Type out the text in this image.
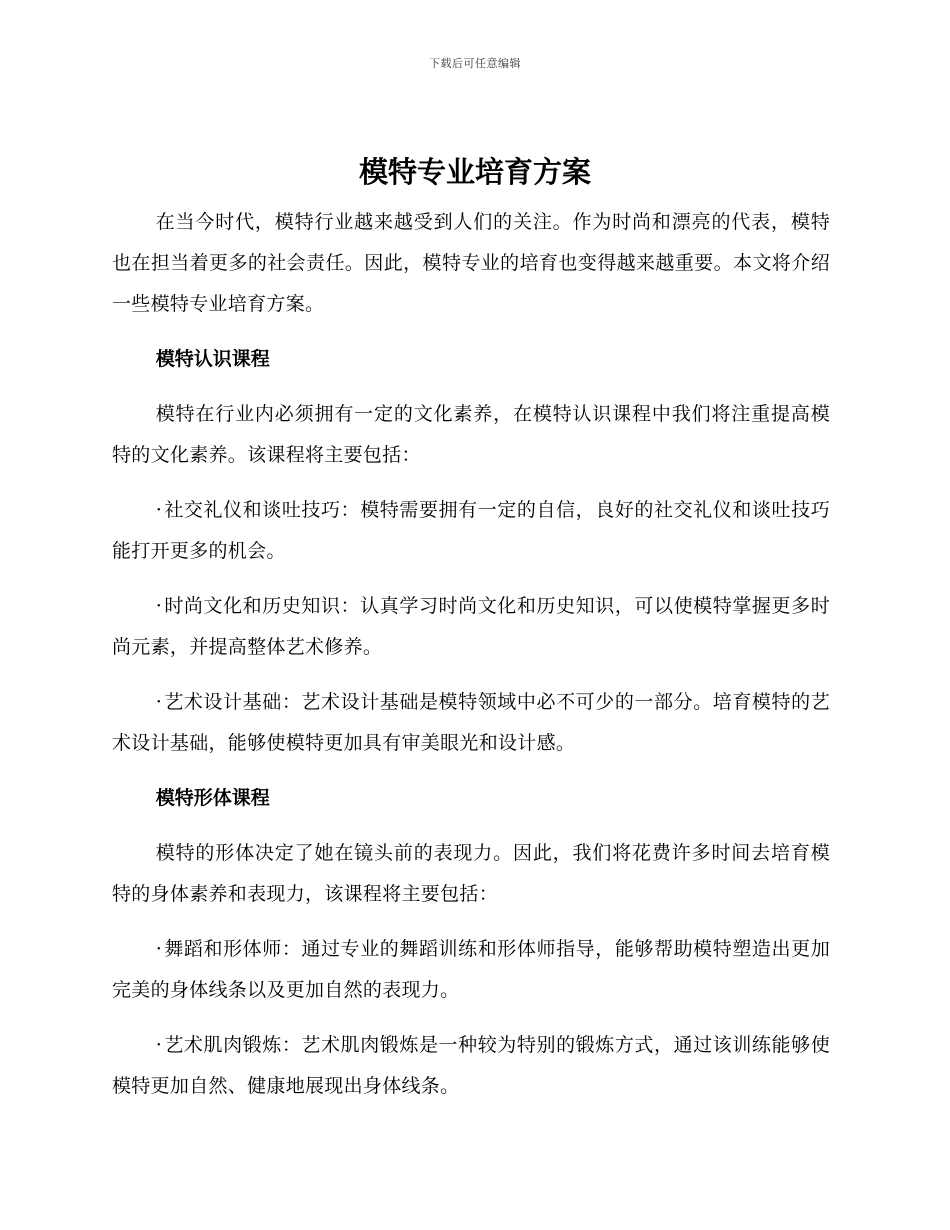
下载后可任意编辑
模特专业培育方案

在当今时代，模特行业越来越受到人们的关注。作为时尚和漂亮的代表，模特也在担当着更多的社会责任。因此，模特专业的培育也变得越来越重要。本文将介绍一些模特专业培育方案。

模特认识课程

模特在行业内必须拥有一定的文化素养，在模特认识课程中我们将注重提高模特的文化素养。该课程将主要包括：

· 社交礼仪和谈吐技巧：模特需要拥有一定的自信，良好的社交礼仪和谈吐技巧能打开更多的机会。

· 时尚文化和历史知识：认真学习时尚文化和历史知识，可以使模特掌握更多时尚元素，并提高整体艺术修养。

· 艺术设计基础：艺术设计基础是模特领域中必不可少的一部分。培育模特的艺术设计基础，能够使模特更加具有审美眼光和设计感。

模特形体课程

模特的形体决定了她在镜头前的表现力。因此，我们将花费许多时间去培育模特的身体素养和表现力，该课程将主要包括：

· 舞蹈和形体师：通过专业的舞蹈训练和形体师指导，能够帮助模特塑造出更加完美的身体线条以及更加自然的表现力。

· 艺术肌肉锻炼：艺术肌肉锻炼是一种较为特别的锻炼方式，通过该训练能够使模特更加自然、健康地展现出身体线条。
